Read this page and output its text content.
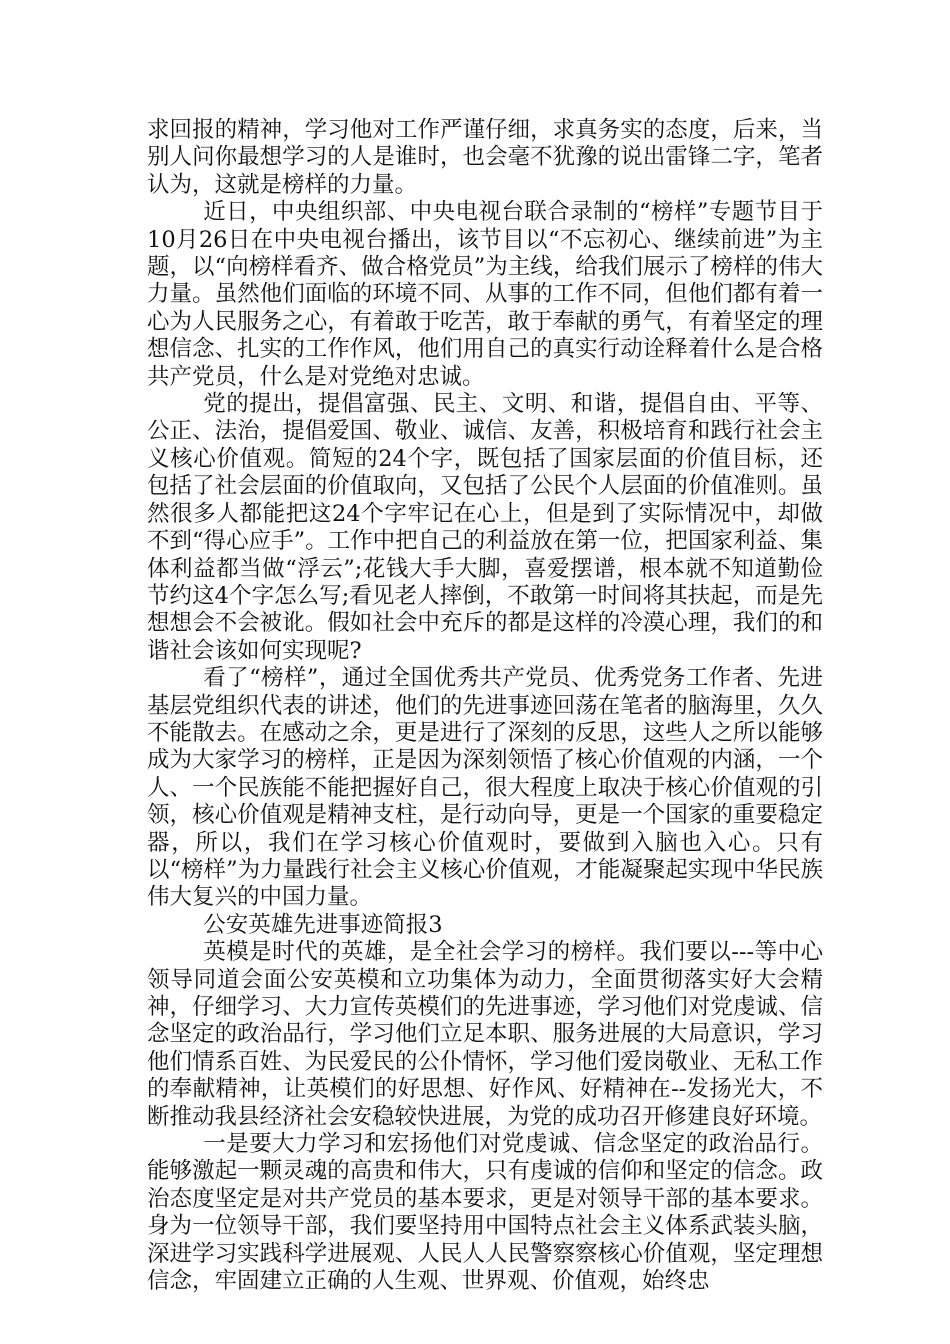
求回报的精神，学习他对工作严谨仔细，求真务实的态度，后来，当别人问你最想学习的人是谁时，也会毫不犹豫的说出雷锋二字，笔者认为，这就是榜样的力量。

近日，中央组织部、中央电视台联合录制的“榜样”专题节目于10月26日在中央电视台播出，该节目以“不忘初心、继续前进”为主题，以“向榜样看齐、做合格党员”为主线，给我们展示了榜样的伟大力量。虽然他们面临的环境不同、从事的工作不同，但他们都有着一心为人民服务之心，有着敢于吃苦，敢于奉献的勇气，有着坚定的理想信念、扎实的工作作风，他们用自己的真实行动诠释着什么是合格共产党员，什么是对党绝对忠诚。

党的提出，提倡富强、民主、文明、和谐，提倡自由、平等、公正、法治，提倡爱国、敬业、诚信、友善，积极培育和践行社会主义核心价值观。简短的24个字，既包括了国家层面的价值目标，还包括了社会层面的价值取向，又包括了公民个人层面的价值准则。虽然很多人都能把这24个字牢记在心上，但是到了实际情况中，却做不到“得心应手”。工作中把自己的利益放在第一位，把国家利益、集体利益都当做“浮云”;花钱大手大脚，喜爱摆谱，根本就不知道勤俭节约这4个字怎么写;看见老人摔倒，不敢第一时间将其扶起，而是先想想会不会被讹。假如社会中充斥的都是这样的冷漠心理，我们的和谐社会该如何实现呢?

看了“榜样”，通过全国优秀共产党员、优秀党务工作者、先进基层党组织代表的讲述，他们的先进事迹回荡在笔者的脑海里，久久不能散去。在感动之余，更是进行了深刻的反思，这些人之所以能够成为大家学习的榜样，正是因为深刻领悟了核心价值观的内涵，一个人、一个民族能不能把握好自己，很大程度上取决于核心价值观的引领，核心价值观是精神支柱，是行动向导，更是一个国家的重要稳定器，所以，我们在学习核心价值观时，要做到入脑也入心。只有以“榜样”为力量践行社会主义核心价值观，才能凝聚起实现中华民族伟大复兴的中国力量。

公安英雄先进事迹简报3

英模是时代的英雄，是全社会学习的榜样。我们要以---等中心领导同道会面公安英模和立功集体为动力，全面贯彻落实好大会精神，仔细学习、大力宣传英模们的先进事迹，学习他们对党虔诚、信念坚定的政治品行，学习他们立足本职、服务进展的大局意识，学习他们情系百姓、为民爱民的公仆情怀，学习他们爱岗敬业、无私工作的奉献精神，让英模们的好思想、好作风、好精神在--发扬光大，不断推动我县经济社会安稳较快进展，为党的成功召开修建良好环境。

一是要大力学习和宏扬他们对党虔诚、信念坚定的政治品行。能够激起一颗灵魂的高贵和伟大，只有虔诚的信仰和坚定的信念。政治态度坚定是对共产党员的基本要求，更是对领导干部的基本要求。身为一位领导干部，我们要坚持用中国特点社会主义体系武装头脑，深进学习实践科学进展观、人民人人民警察察核心价值观，坚定理想信念，牢固建立正确的人生观、世界观、价值观，始终忠
